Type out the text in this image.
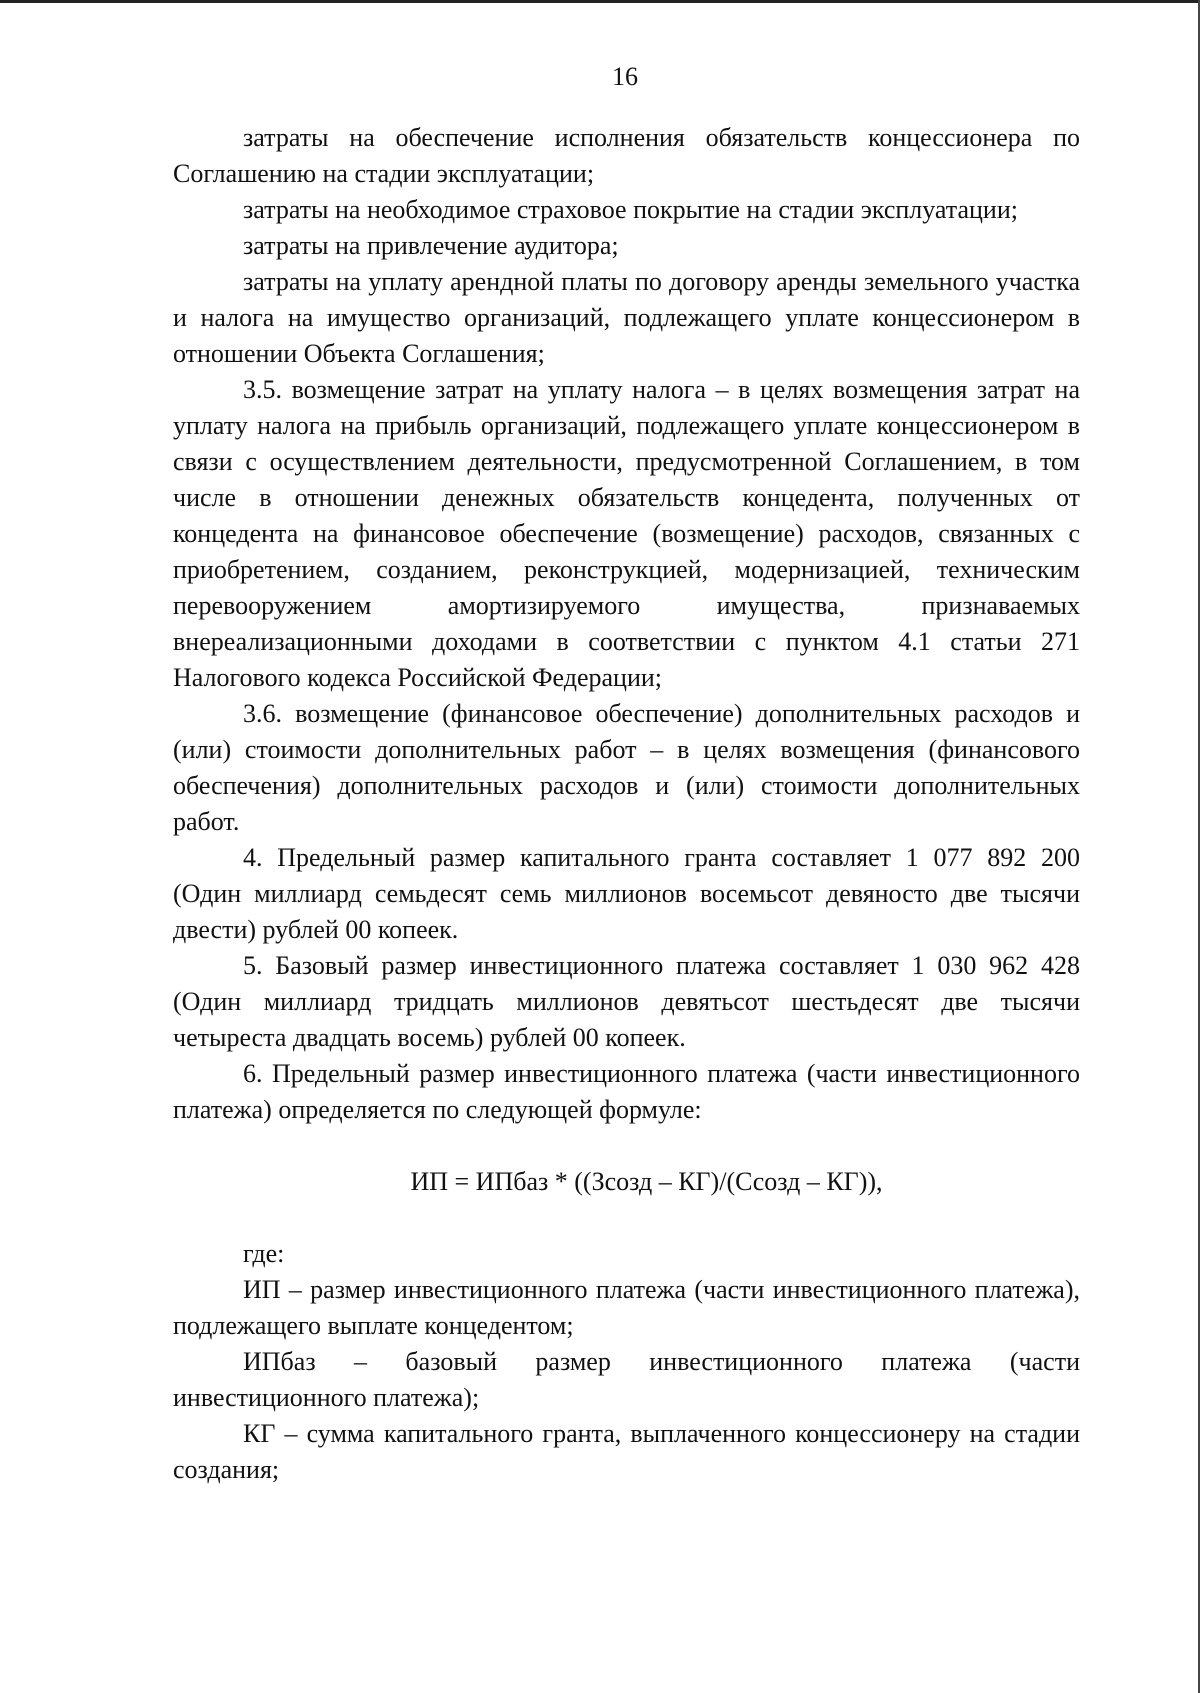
16

затраты на обеспечение исполнения обязательств концессионера по Соглашению на стадии эксплуатации;

затраты на необходимое страховое покрытие на стадии эксплуатации;

затраты на привлечение аудитора;

затраты на уплату арендной платы по договору аренды земельного участка и налога на имущество организаций, подлежащего уплате концессионером в отношении Объекта Соглашения;

3.5. возмещение затрат на уплату налога – в целях возмещения затрат на уплату налога на прибыль организаций, подлежащего уплате концессионером в связи с осуществлением деятельности, предусмотренной Соглашением, в том числе в отношении денежных обязательств концедента, полученных от концедента на финансовое обеспечение (возмещение) расходов, связанных с приобретением, созданием, реконструкцией, модернизацией, техническим перевооружением амортизируемого имущества, признаваемых внереализационными доходами в соответствии с пунктом 4.1 статьи 271 Налогового кодекса Российской Федерации;

3.6. возмещение (финансовое обеспечение) дополнительных расходов и (или) стоимости дополнительных работ – в целях возмещения (финансового обеспечения) дополнительных расходов и (или) стоимости дополнительных работ.

4. Предельный размер капитального гранта составляет 1 077 892 200 (Один миллиард семьдесят семь миллионов восемьсот девяносто две тысячи двести) рублей 00 копеек.

5. Базовый размер инвестиционного платежа составляет 1 030 962 428 (Один миллиард тридцать миллионов девятьсот шестьдесят две тысячи четыреста двадцать восемь) рублей 00 копеек.

6. Предельный размер инвестиционного платежа (части инвестиционного платежа) определяется по следующей формуле:

ИП = ИПбаз * ((Зсозд – КГ)/(Ссозд – КГ)),

где:

ИП – размер инвестиционного платежа (части инвестиционного платежа), подлежащего выплате концедентом;

ИПбаз – базовый размер инвестиционного платежа (части инвестиционного платежа);

КГ – сумма капитального гранта, выплаченного концессионеру на стадии создания;
